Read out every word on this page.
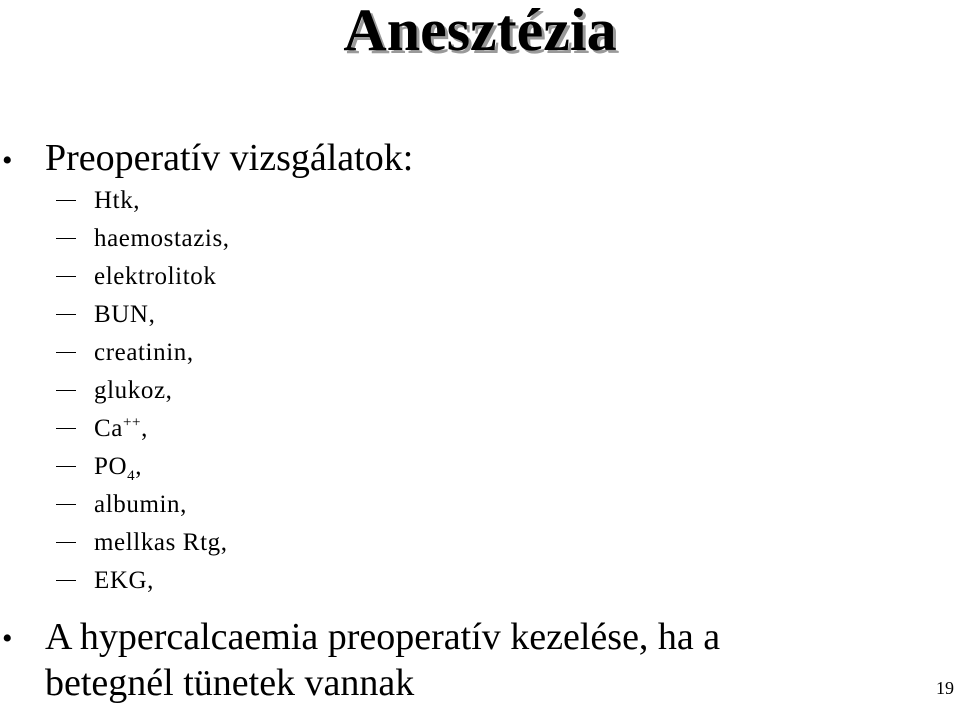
Anesztézia
• Preoperatív vizsgálatok:
Htk,
haemostazis,
elektrolitok
BUN,
creatinin,
glukoz,
Ca++,
$PO_4$,
albumin,
mellkas Rtg,
EKG,
• A hypercalcaemia preoperatív kezelése, ha a
betegnél tünetek vannak	19
